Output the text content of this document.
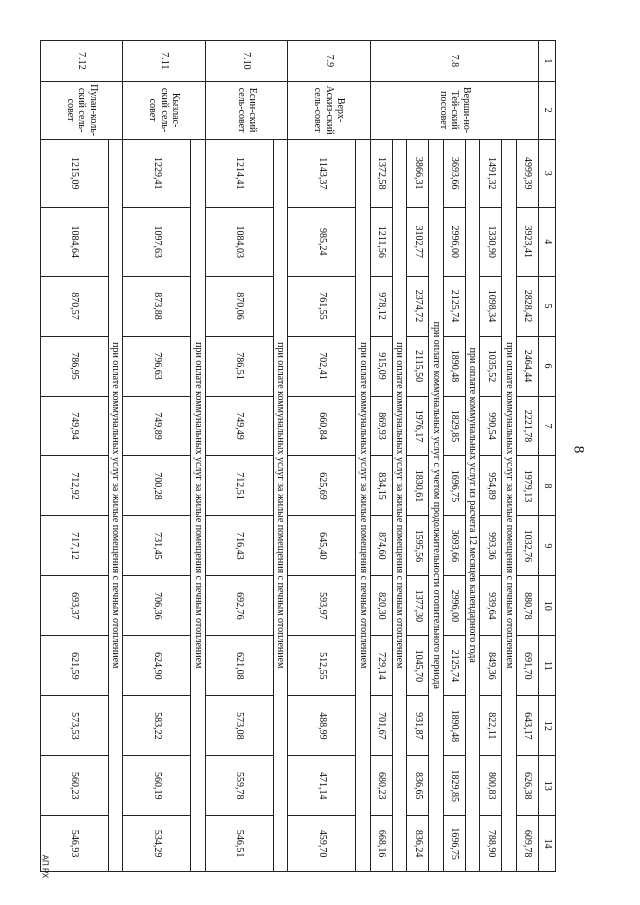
8
АП РХ
1	2	3	4	5	6	7	8	9	10	11	12	13	14
7.8	Верши-но-Тей-ский поссовет	4999,39	3923,41	2828,42	2464,44	2221,78	1979,13	1032,76	880,78	691,70	643,17	626,38	609,78
		при оплате коммунальных услуг за жилые помещения с печным отоплением											
		1491,32	1330,90	1098,34	1035,52	990,54	954,89	993,36	939,64	849,36	822,11	800,83	788,90
		при оплате коммунальных услуг из расчета 12 месяцев календарного года											
		3693,66	2996,00	2125,74	1890,48	1829,85	1696,75	3693,66	2996,00	2125,74	1890,48	1829,85	1696,75
		при оплате коммунальных услуг с учетом продолжительности отопительного периода											
		3866,31	3102,77	2374,72	2115,50	1976,17	1830,61	1595,56	1377,30	1045,70	931,87	836,65	836,24
		при оплате коммунальных услуг за жилые помещения с печным отоплением											
		1372,58	1211,56	978,12	915,09	869,93	834,15	874,60	820,30	729,14	701,67	680,23	668,16
7.9	Верх-Аскиз-ский сель-совет	при оплате коммунальных услуг за жилые помещения с печным отоплением											
		1143,37	985,24	761,55	702,41	660,84	625,69	645,40	593,97	512,55	488,99	471,14	459,70
7.10	Есин-ский сель-совет	при оплате коммунальных услуг за жилые помещения с печным отоплением											
		1214,41	1084,03	870,06	786,51	749,49	712,51	716,43	692,76	621,08	573,08	559,78	546,51
7.11	Кызлас-ский сель-совет	при оплате коммунальных услуг за жилые помещения с печным отоплением											
		1229,41	1097,63	873,88	796,63	749,89	700,28	731,45	706,36	624,90	583,22	560,19	534,29
7.12	Пулан-коль-ский сель-совет	при оплате коммунальных услуг за жилые помещения с печным отоплением											
		1215,09	1084,64	870,57	786,95	749,94	712,92	717,12	693,37	621,59	573,53	560,23	546,93
